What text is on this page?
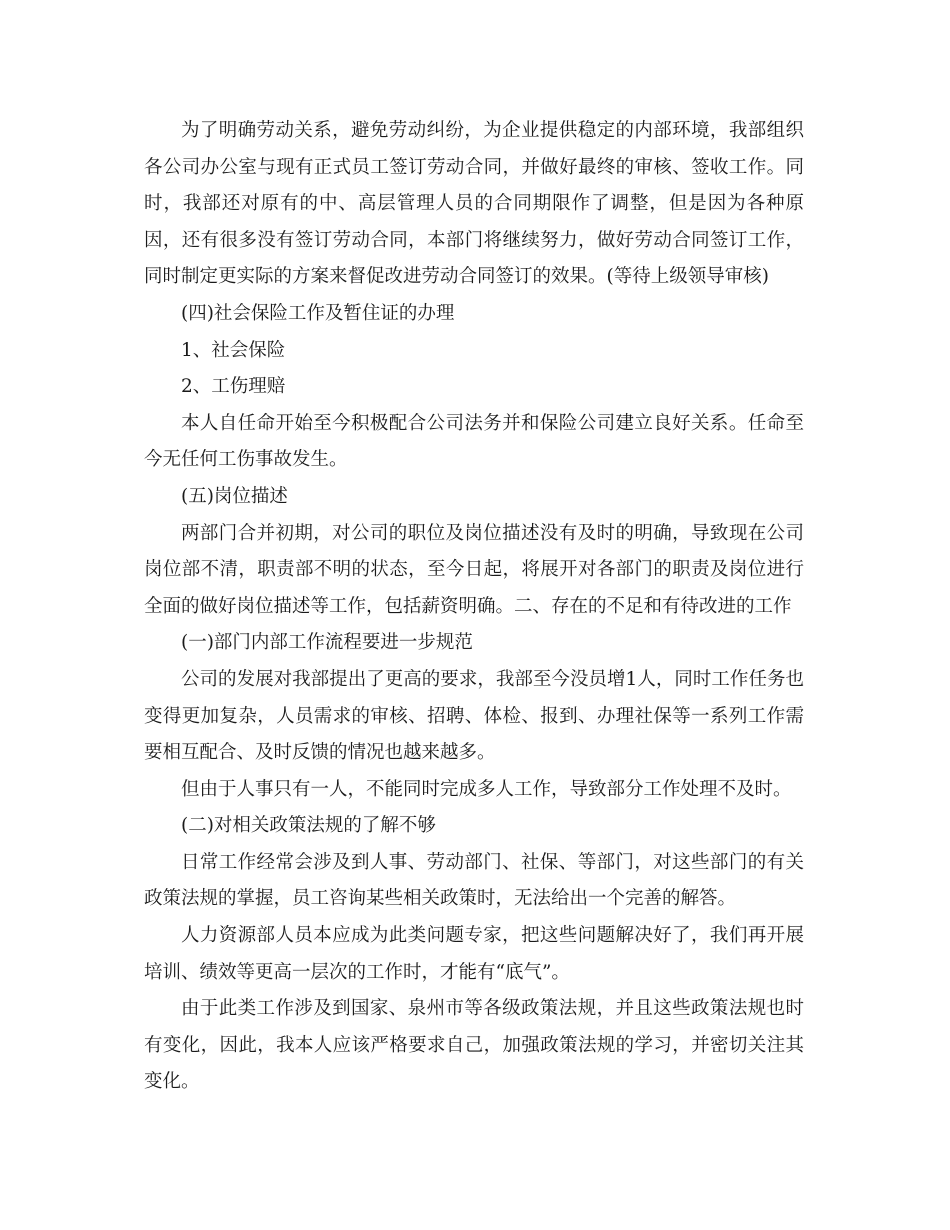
为了明确劳动关系，避免劳动纠纷，为企业提供稳定的内部环境，我部组织各公司办公室与现有正式员工签订劳动合同，并做好最终的审核、签收工作。同时，我部还对原有的中、高层管理人员的合同期限作了调整，但是因为各种原因，还有很多没有签订劳动合同，本部门将继续努力，做好劳动合同签订工作，同时制定更实际的方案来督促改进劳动合同签订的效果。(等待上级领导审核)

(四)社会保险工作及暂住证的办理

1、社会保险

2、工伤理赔

本人自任命开始至今积极配合公司法务并和保险公司建立良好关系。任命至今无任何工伤事故发生。

(五)岗位描述

两部门合并初期，对公司的职位及岗位描述没有及时的明确，导致现在公司岗位部不清，职责部不明的状态，至今日起，将展开对各部门的职责及岗位进行全面的做好岗位描述等工作，包括薪资明确。二、存在的不足和有待改进的工作

(一)部门内部工作流程要进一步规范

公司的发展对我部提出了更高的要求，我部至今没员增1人，同时工作任务也变得更加复杂，人员需求的审核、招聘、体检、报到、办理社保等一系列工作需要相互配合、及时反馈的情况也越来越多。

但由于人事只有一人，不能同时完成多人工作，导致部分工作处理不及时。

(二)对相关政策法规的了解不够

日常工作经常会涉及到人事、劳动部门、社保、等部门，对这些部门的有关政策法规的掌握，员工咨询某些相关政策时，无法给出一个完善的解答。

人力资源部人员本应成为此类问题专家，把这些问题解决好了，我们再开展培训、绩效等更高一层次的工作时，才能有“底气”。

由于此类工作涉及到国家、泉州市等各级政策法规，并且这些政策法规也时有变化，因此，我本人应该严格要求自己，加强政策法规的学习，并密切关注其变化。
